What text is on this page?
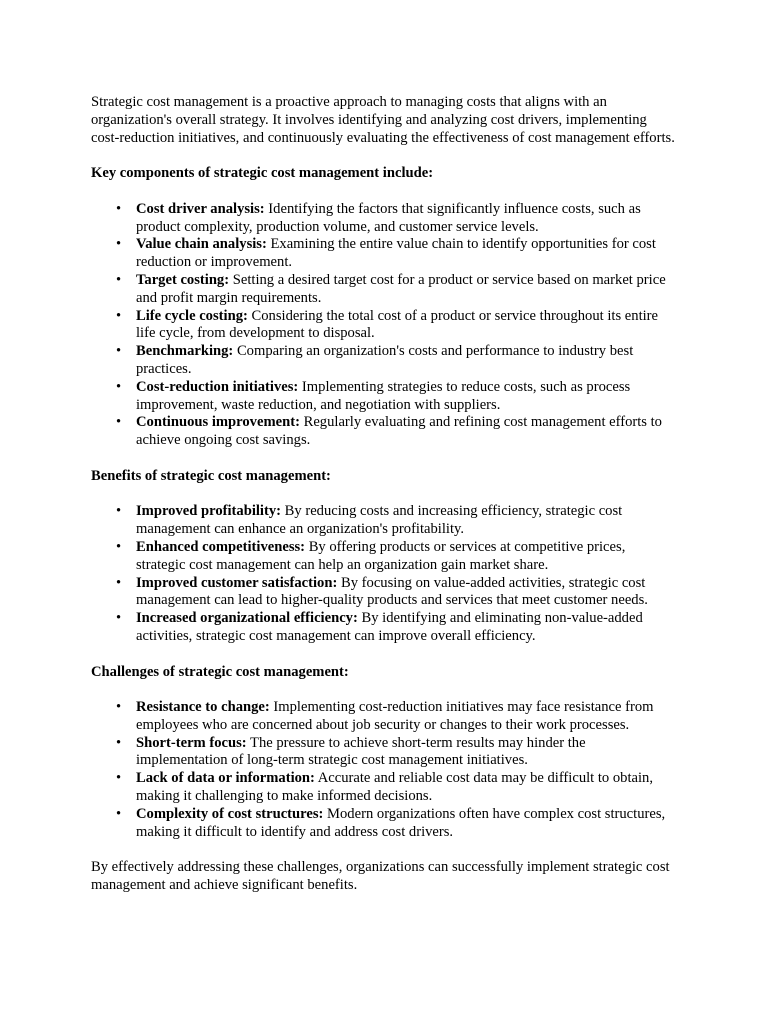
Strategic cost management is a proactive approach to managing costs that aligns with an organization's overall strategy. It involves identifying and analyzing cost drivers, implementing cost-reduction initiatives, and continuously evaluating the effectiveness of cost management efforts.

Key components of strategic cost management include:

• Cost driver analysis: Identifying the factors that significantly influence costs, such as product complexity, production volume, and customer service levels.
• Value chain analysis: Examining the entire value chain to identify opportunities for cost reduction or improvement.
• Target costing: Setting a desired target cost for a product or service based on market price and profit margin requirements.
• Life cycle costing: Considering the total cost of a product or service throughout its entire life cycle, from development to disposal.
• Benchmarking: Comparing an organization's costs and performance to industry best practices.
• Cost-reduction initiatives: Implementing strategies to reduce costs, such as process improvement, waste reduction, and negotiation with suppliers.
• Continuous improvement: Regularly evaluating and refining cost management efforts to achieve ongoing cost savings.

Benefits of strategic cost management:

• Improved profitability: By reducing costs and increasing efficiency, strategic cost management can enhance an organization's profitability.
• Enhanced competitiveness: By offering products or services at competitive prices, strategic cost management can help an organization gain market share.
• Improved customer satisfaction: By focusing on value-added activities, strategic cost management can lead to higher-quality products and services that meet customer needs.
• Increased organizational efficiency: By identifying and eliminating non-value-added activities, strategic cost management can improve overall efficiency.

Challenges of strategic cost management:

• Resistance to change: Implementing cost-reduction initiatives may face resistance from employees who are concerned about job security or changes to their work processes.
• Short-term focus: The pressure to achieve short-term results may hinder the implementation of long-term strategic cost management initiatives.
• Lack of data or information: Accurate and reliable cost data may be difficult to obtain, making it challenging to make informed decisions.
• Complexity of cost structures: Modern organizations often have complex cost structures, making it difficult to identify and address cost drivers.

By effectively addressing these challenges, organizations can successfully implement strategic cost management and achieve significant benefits.
